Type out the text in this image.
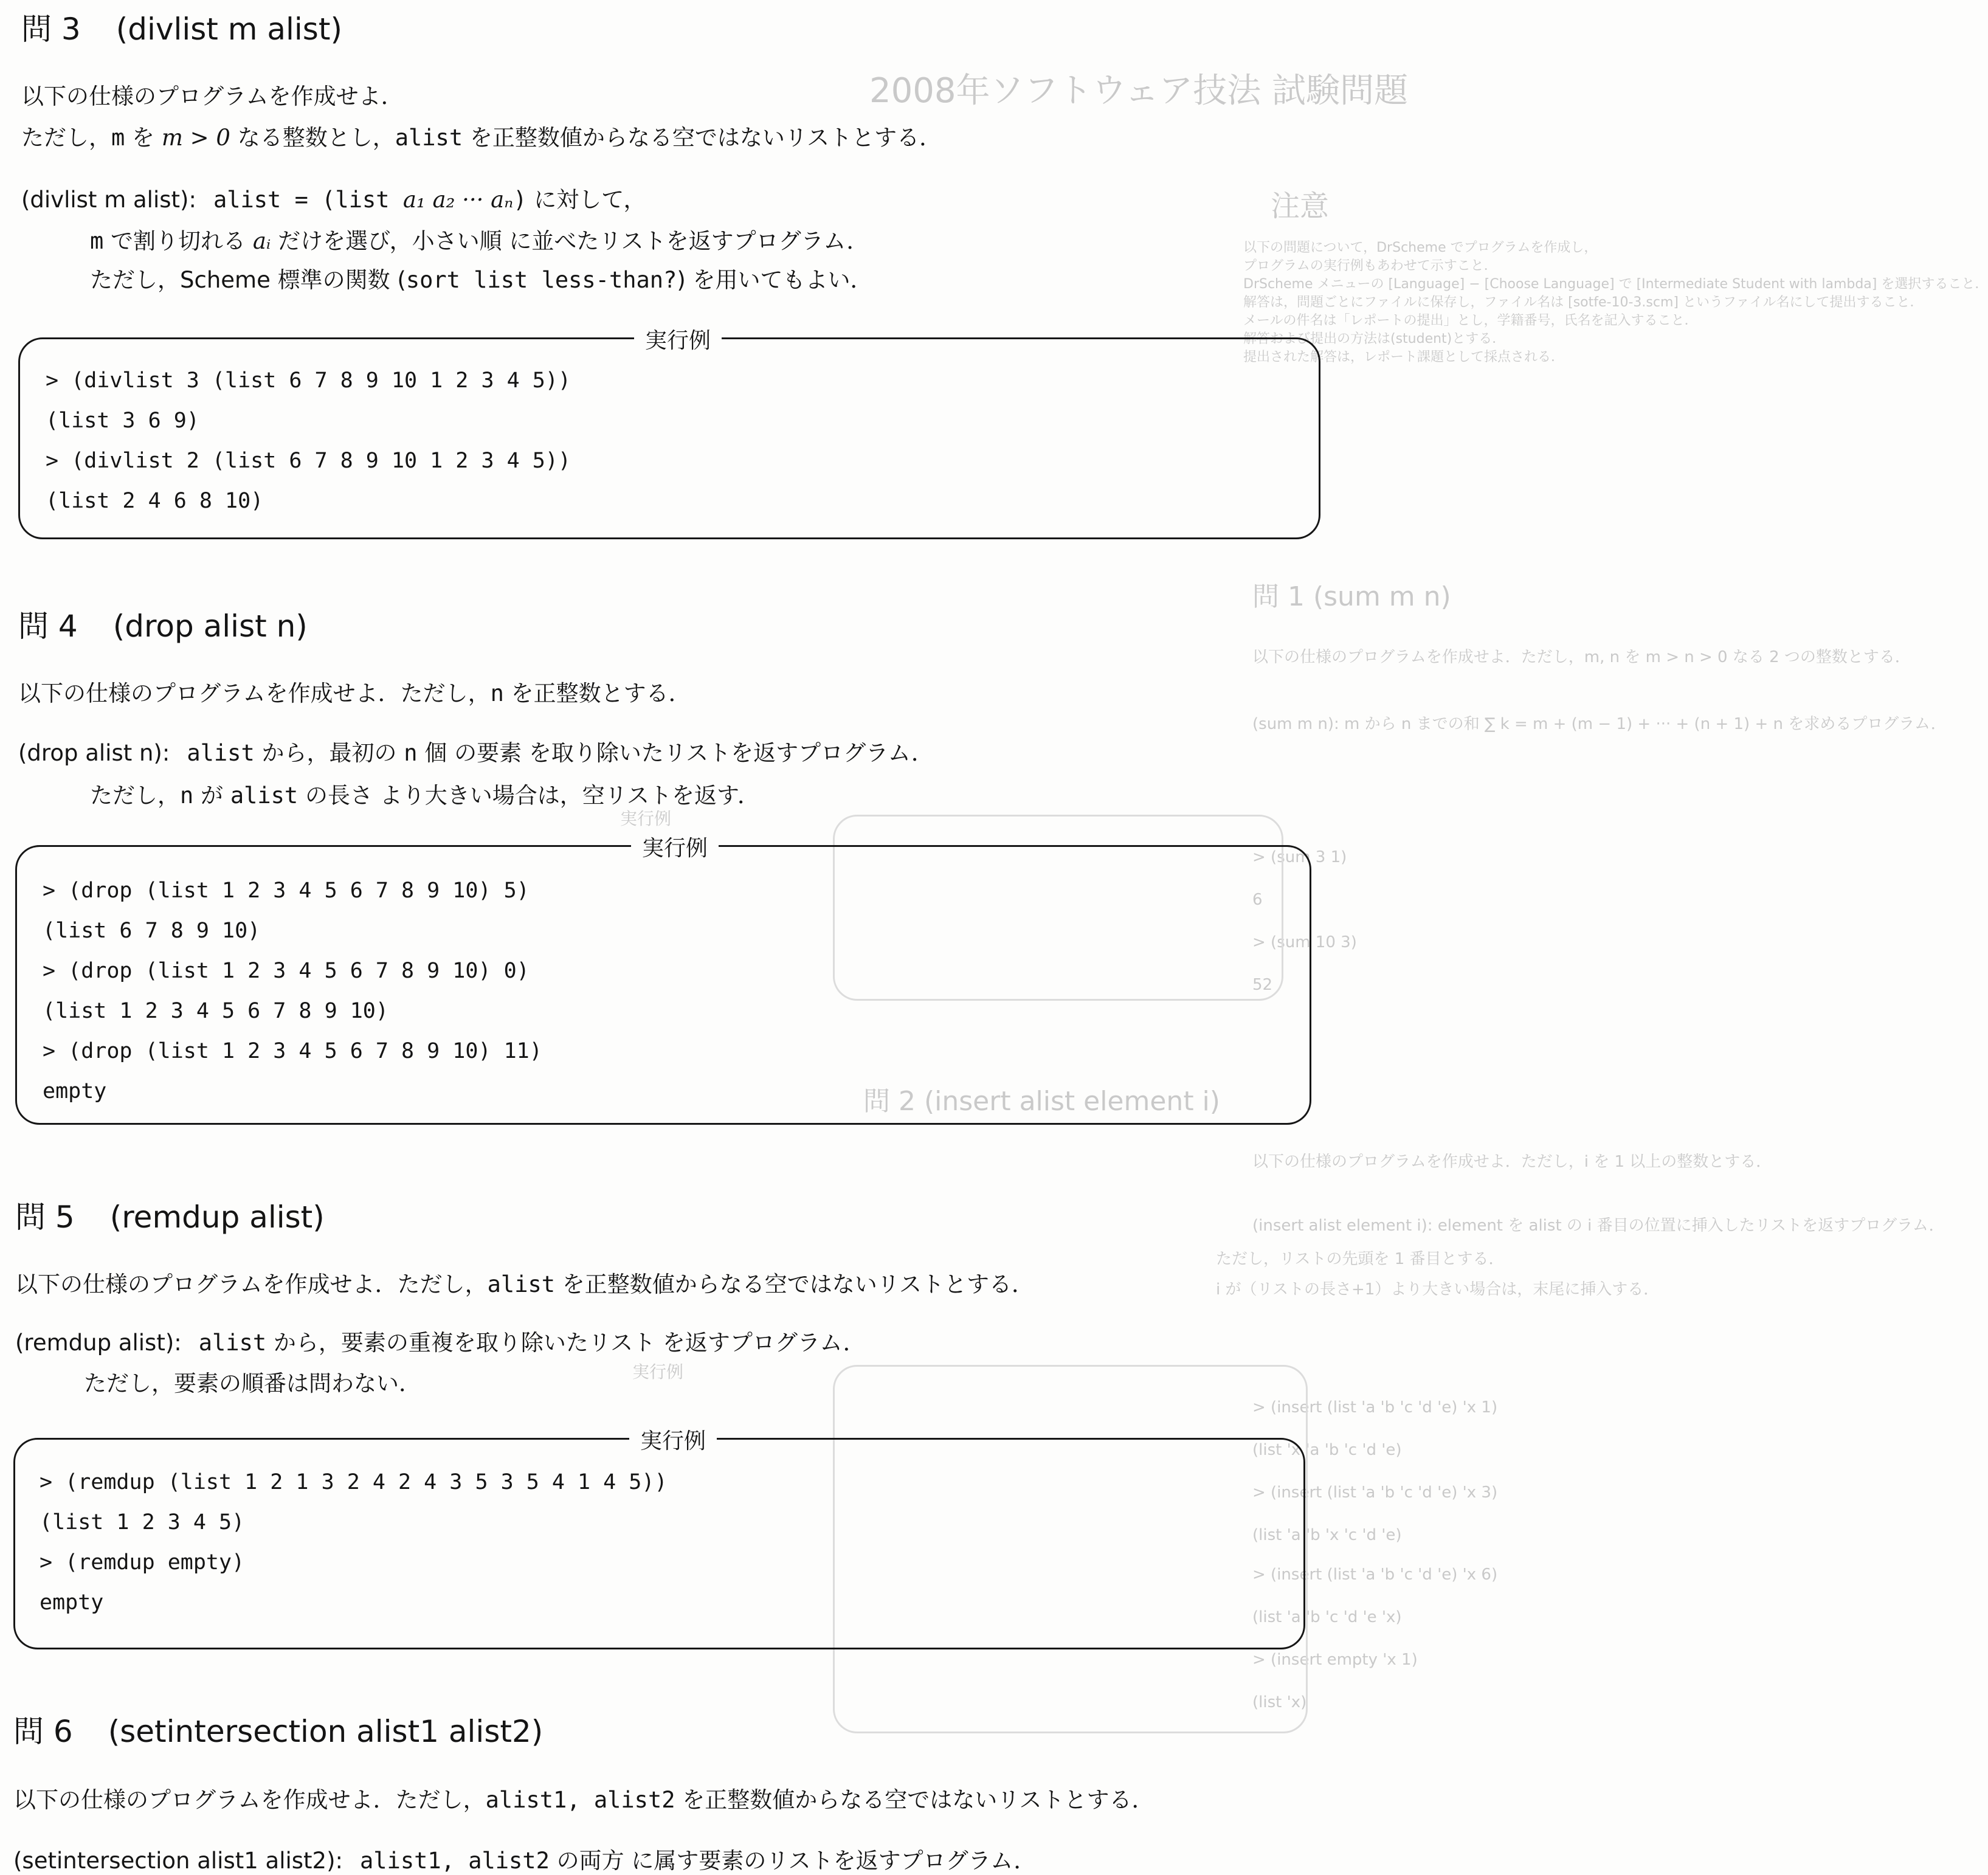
2008年ソフトウェア技法 試験問題
注意
以下の問題について，DrScheme でプログラムを作成し，
プログラムの実行例もあわせて示すこと．
DrScheme メニューの [Language] − [Choose Language] で [Intermediate Student with lambda] を選択すること．
解答は，問題ごとにファイルに保存し，ファイル名は [sotfe-10-3.scm] というファイル名にして提出すること．
メールの件名は「レポートの提出」とし，学籍番号，氏名を記入すること．
解答および提出の方法は(student)とする．
提出された解答は，レポート課題として採点される．
問 1 (sum m n)
以下の仕様のプログラムを作成せよ．ただし，m, n を m > n > 0 なる 2 つの整数とする．
(sum m n): m から n までの和 ∑ k = m + (m − 1) + ··· + (n + 1) + n を求めるプログラム．
実行例
> (sum 3 1)
6
> (sum 10 3)
52
問 2 (insert alist element i)
以下の仕様のプログラムを作成せよ．ただし，i を 1 以上の整数とする．
(insert alist element i): element を alist の i 番目の位置に挿入したリストを返すプログラム．
ただし，リストの先頭を 1 番目とする．
i が（リストの長さ+1）より大きい場合は，末尾に挿入する．
実行例
> (insert (list 'a 'b 'c 'd 'e) 'x 1)
(list 'x 'a 'b 'c 'd 'e)
> (insert (list 'a 'b 'c 'd 'e) 'x 3)
(list 'a 'b 'x 'c 'd 'e)
> (insert (list 'a 'b 'c 'd 'e) 'x 6)
(list 'a 'b 'c 'd 'e 'x)
> (insert empty 'x 1)
(list 'x)
問 3 (divlist m alist)
以下の仕様のプログラムを作成せよ．
ただし，m を m > 0 なる整数とし，alist を正整数値からなる空ではないリストとする．
(divlist m alist): alist = (list a₁ a₂ ··· aₙ) に対して，
m で割り切れる aᵢ だけを選び，小さい順 に並べたリストを返すプログラム．
ただし，Scheme 標準の関数 (sort list less-than?) を用いてもよい．
実行例
> (divlist 3 (list 6 7 8 9 10 1 2 3 4 5))
(list 3 6 9)
> (divlist 2 (list 6 7 8 9 10 1 2 3 4 5))
(list 2 4 6 8 10)
問 4 (drop alist n)
以下の仕様のプログラムを作成せよ．ただし，n を正整数とする．
(drop alist n): alist から，最初の n 個 の要素 を取り除いたリストを返すプログラム．
ただし，n が alist の長さ より大きい場合は，空リストを返す．
実行例
> (drop (list 1 2 3 4 5 6 7 8 9 10) 5)
(list 6 7 8 9 10)
> (drop (list 1 2 3 4 5 6 7 8 9 10) 0)
(list 1 2 3 4 5 6 7 8 9 10)
> (drop (list 1 2 3 4 5 6 7 8 9 10) 11)
empty
問 5 (remdup alist)
以下の仕様のプログラムを作成せよ．ただし，alist を正整数値からなる空ではないリストとする．
(remdup alist): alist から，要素の重複を取り除いたリスト を返すプログラム．
ただし，要素の順番は問わない．
実行例
> (remdup (list 1 2 1 3 2 4 2 4 3 5 3 5 4 1 4 5))
(list 1 2 3 4 5)
> (remdup empty)
empty
問 6 (setintersection alist1 alist2)
以下の仕様のプログラムを作成せよ．ただし，alist1, alist2 を正整数値からなる空ではないリストとする．
(setintersection alist1 alist2): alist1, alist2 の両方 に属す要素のリストを返すプログラム．
